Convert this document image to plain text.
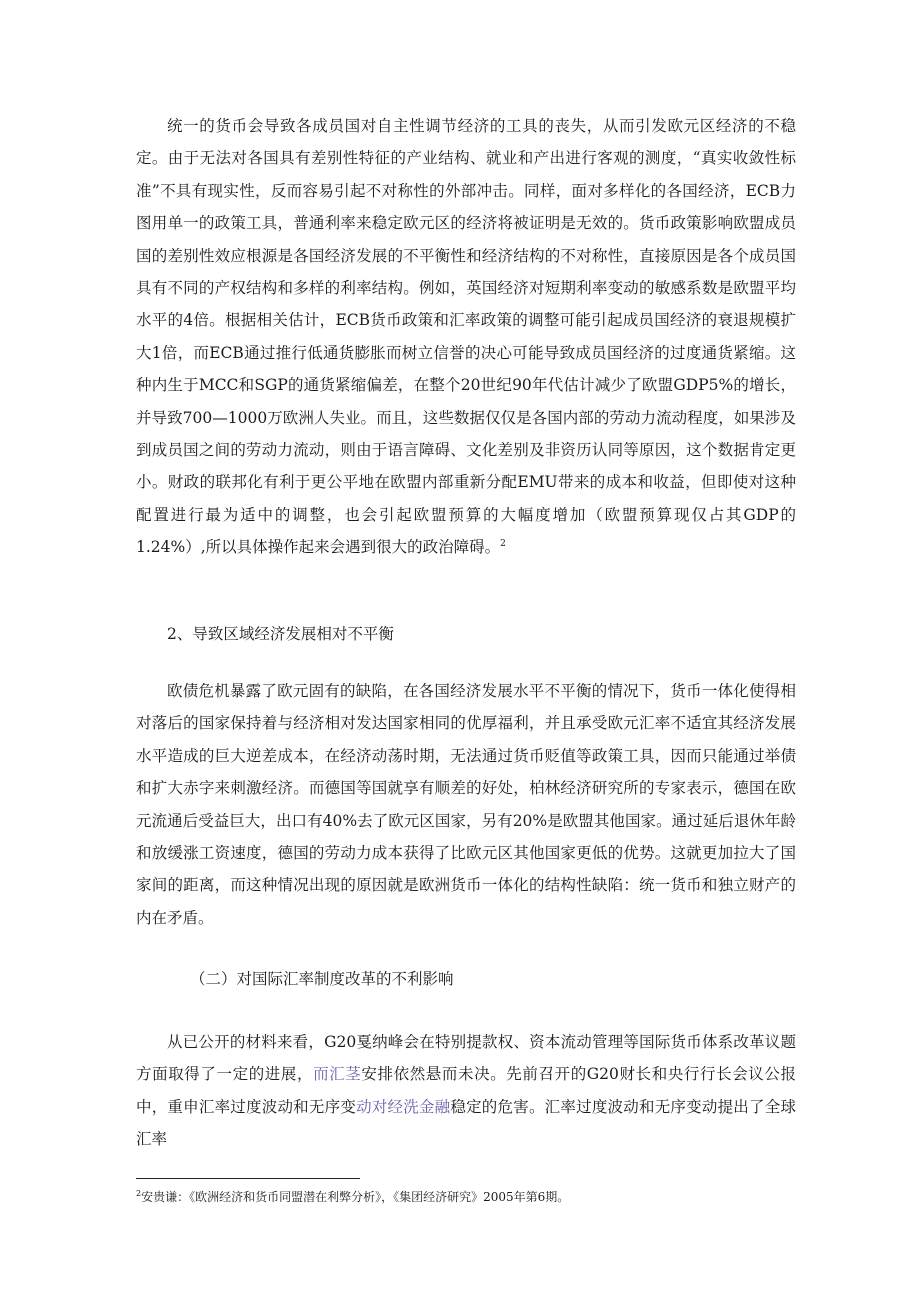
统一的货币会导致各成员国对自主性调节经济的工具的丧失，从而引发欧元区经济的不稳定。由于无法对各国具有差别性特征的产业结构、就业和产出进行客观的测度，“真实收敛性标准”不具有现实性，反而容易引起不对称性的外部冲击。同样，面对多样化的各国经济，ECB力图用单一的政策工具，普通利率来稳定欧元区的经济将被证明是无效的。货币政策影响欧盟成员国的差别性效应根源是各国经济发展的不平衡性和经济结构的不对称性，直接原因是各个成员国具有不同的产权结构和多样的利率结构。例如，英国经济对短期利率变动的敏感系数是欧盟平均水平的4倍。根据相关估计，ECB货币政策和汇率政策的调整可能引起成员国经济的衰退规模扩大1倍，而ECB通过推行低通货膨胀而树立信誉的决心可能导致成员国经济的过度通货紧缩。这种内生于MCC和SGP的通货紧缩偏差，在整个20世纪90年代估计减少了欧盟GDP5%的增长，并导致700—1000万欧洲人失业。而且，这些数据仅仅是各国内部的劳动力流动程度，如果涉及到成员国之间的劳动力流动，则由于语言障碍、文化差别及非资历认同等原因，这个数据肯定更小。财政的联邦化有利于更公平地在欧盟内部重新分配EMU带来的成本和收益，但即使对这种配置进行最为适中的调整，也会引起欧盟预算的大幅度增加（欧盟预算现仅占其GDP的1.24%）,所以具体操作起来会遇到很大的政治障碍。$^2$

2、导致区域经济发展相对不平衡

欧债危机暴露了欧元固有的缺陷，在各国经济发展水平不平衡的情况下，货币一体化使得相对落后的国家保持着与经济相对发达国家相同的优厚福利，并且承受欧元汇率不适宜其经济发展水平造成的巨大逆差成本，在经济动荡时期，无法通过货币贬值等政策工具，因而只能通过举债和扩大赤字来刺激经济。而德国等国就享有顺差的好处，柏林经济研究所的专家表示，德国在欧元流通后受益巨大，出口有40%去了欧元区国家，另有20%是欧盟其他国家。通过延后退休年龄和放缓涨工资速度，德国的劳动力成本获得了比欧元区其他国家更低的优势。这就更加拉大了国家间的距离，而这种情况出现的原因就是欧洲货币一体化的结构性缺陷：统一货币和独立财产的内在矛盾。

（二）对国际汇率制度改革的不利影响

从已公开的材料来看，G20戛纳峰会在特别提款权、资本流动管理等国际货币体系改革议题方面取得了一定的进展，而汇茎安排依然悬而未决。先前召开的G20财长和央行行长会议公报中，重申汇率过度波动和无序变动对经洗金融稳定的危害。汇率过度波动和无序变动提出了全球汇率

$^2$安贵谦：《欧洲经济和货币同盟潜在利弊分析》，《集团经济研究》2005年第6期。
